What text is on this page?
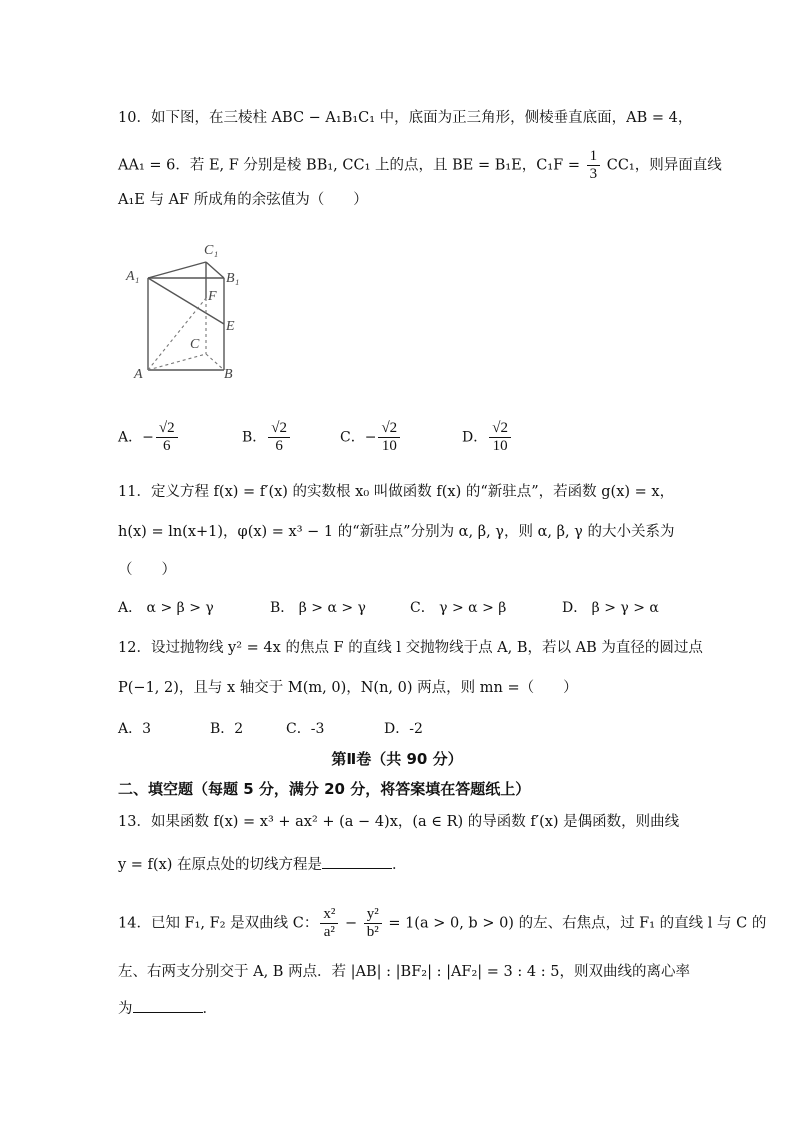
10．如下图，在三棱柱 ABC − A₁B₁C₁ 中，底面为正三角形，侧棱垂直底面，AB = 4，
AA₁ = 6．若 E, F 分别是棱 BB₁, CC₁ 上的点，且 BE = B₁E，$C_1F = \frac{1}{3} CC_1$，则异面直线
A₁E 与 AF 所成角的余弦值为（　　）
C₁
A₁	B₁
F
E
C
A	B
A．− $\frac{√2}{6}$	B． $\frac{√2}{6}$	C．− $\frac{√2}{10}$	D． $\frac{√2}{10}$
11．定义方程 f(x) = f′(x) 的实数根 x₀ 叫做函数 f(x) 的“新驻点”，若函数 g(x) = x，
h(x) = ln(x+1)，φ(x) = x³ − 1 的“新驻点”分别为 α, β, γ，则 α, β, γ 的大小关系为
（　　）
A． α > β > γ	B． β > α > γ	C． γ > α > β	D． β > γ > α
12．设过抛物线 y² = 4x 的焦点 F 的直线 l 交抛物线于点 A, B，若以 AB 为直径的圆过点
P(−1, 2)，且与 x 轴交于 M(m, 0)，N(n, 0) 两点，则 mn =（　　）
A．3	B．2	C．-3	D．-2
第Ⅱ卷（共 90 分）
二、填空题（每题 5 分，满分 20 分，将答案填在答题纸上）
13．如果函数 f(x) = x³ + ax² + (a − 4)x，(a ∈ R) 的导函数 f′(x) 是偶函数，则曲线
y = f(x) 在原点处的切线方程是	．
14．已知 F₁, F₂ 是双曲线 C： $\frac{\text{x²}}{\text{a²}} - \frac{\text{y²}}{\text{b²}} = 1(a > 0$, b > 0) 的左、右焦点，过 F₁ 的直线 l 与 C 的
左、右两支分别交于 A, B 两点．若 |AB| : |BF₂| : |AF₂| = 3 : 4 : 5，则双曲线的离心率
为	．
